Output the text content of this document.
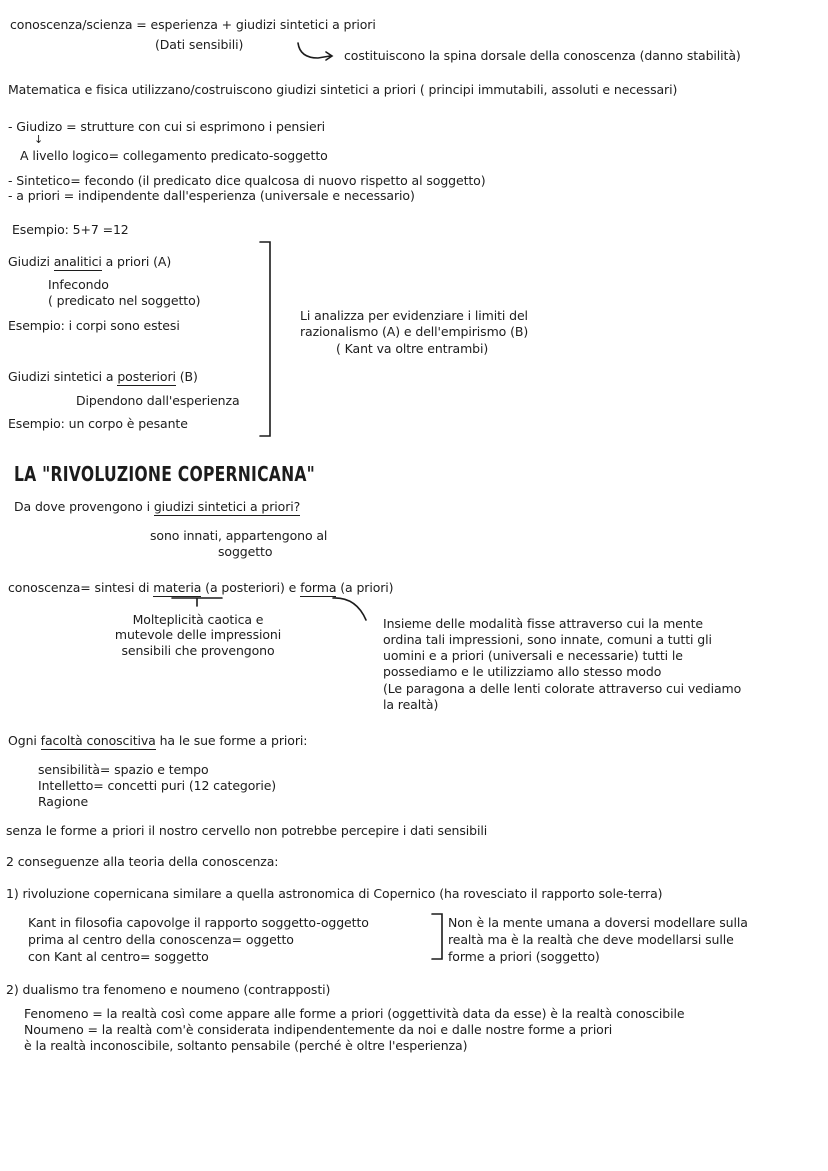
conoscenza/scienza = esperienza + giudizi sintetici a priori
(Dati sensibili)
costituiscono la spina dorsale della conoscenza (danno stabilità)
Matematica e fisica utilizzano/costruiscono giudizi sintetici a priori ( principi immutabili, assoluti e necessari)
- Giudizo = strutture con cui si esprimono i pensieri
↓
A livello logico= collegamento predicato-soggetto
- Sintetico= fecondo (il predicato dice qualcosa di nuovo rispetto al soggetto)
- a priori = indipendente dall'esperienza (universale e necessario)
Esempio: 5+7 =12
Giudizi analitici a priori (A)
Infecondo
( predicato nel soggetto)
Esempio: i corpi sono estesi
Giudizi sintetici a posteriori (B)
Dipendono dall'esperienza
Esempio: un corpo è pesante
Li analizza per evidenziare i limiti del
razionalismo (A) e dell'empirismo (B)
( Kant va oltre entrambi)
LA "RIVOLUZIONE COPERNICANA"
Da dove provengono i giudizi sintetici a priori?
sono innati, appartengono al
soggetto
conoscenza= sintesi di materia (a posteriori) e forma (a priori)
Molteplicità caotica e
mutevole delle impressioni
sensibili che provengono
Insieme delle modalità fisse attraverso cui la mente
ordina tali impressioni, sono innate, comuni a tutti gli
uomini e a priori (universali e necessarie) tutti le
possediamo e le utilizziamo allo stesso modo
(Le paragona a delle lenti colorate attraverso cui vediamo
la realtà)
Ogni facoltà conoscitiva ha le sue forme a priori:
sensibilità= spazio e tempo
Intelletto= concetti puri (12 categorie)
Ragione
senza le forme a priori il nostro cervello non potrebbe percepire i dati sensibili
2 conseguenze alla teoria della conoscenza:
1) rivoluzione copernicana similare a quella astronomica di Copernico (ha rovesciato il rapporto sole-terra)
Kant in filosofia capovolge il rapporto soggetto-oggetto
prima al centro della conoscenza= oggetto
con Kant al centro= soggetto
Non è la mente umana a doversi modellare sulla
realtà ma è la realtà che deve modellarsi sulle
forme a priori (soggetto)
2) dualismo tra fenomeno e noumeno (contrapposti)
Fenomeno = la realtà così come appare alle forme a priori (oggettività data da esse) è la realtà conoscibile
Noumeno = la realtà com'è considerata indipendentemente da noi e dalle nostre forme a priori
è la realtà inconoscibile, soltanto pensabile (perché è oltre l'esperienza)
